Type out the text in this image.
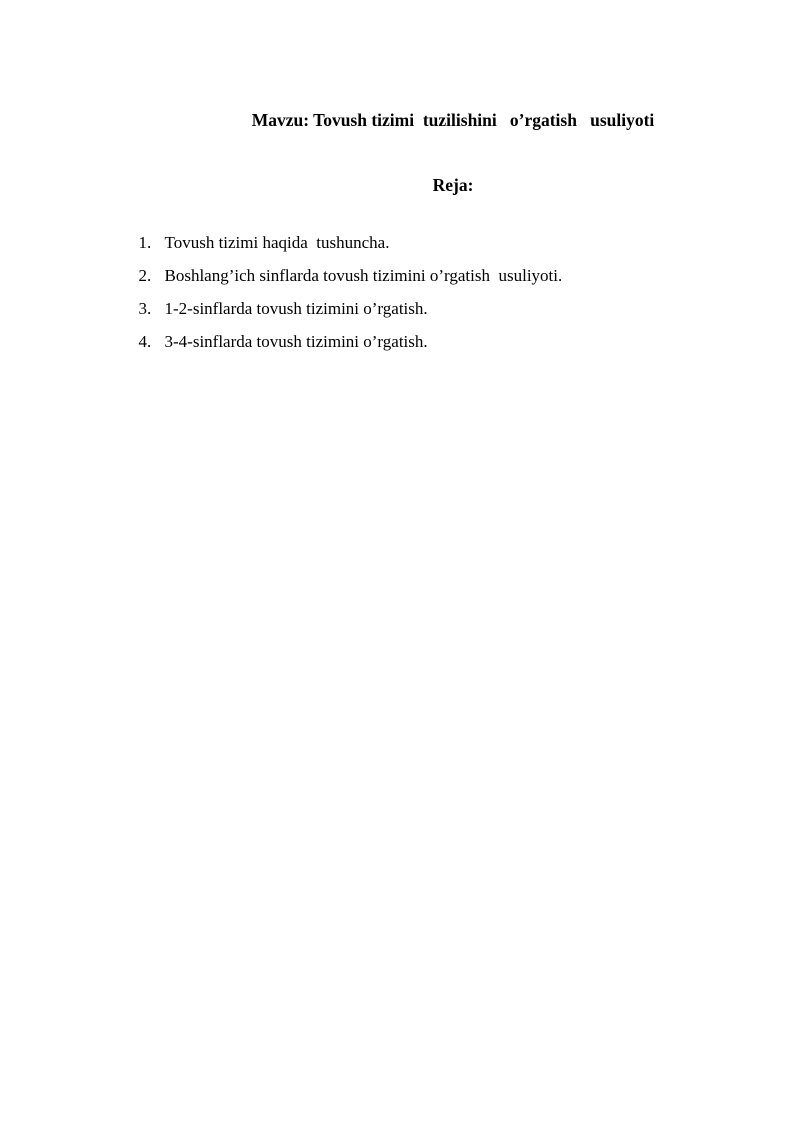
Mavzu: Tovush tizimi  tuzilishini   o’rgatish   usuliyoti
Reja:

1. Tovush tizimi haqida  tushuncha.

2. Boshlang’ich sinflarda tovush tizimini o’rgatish  usuliyoti.

3. 1-2-sinflarda tovush tizimini o’rgatish.

4. 3-4-sinflarda tovush tizimini o’rgatish.
